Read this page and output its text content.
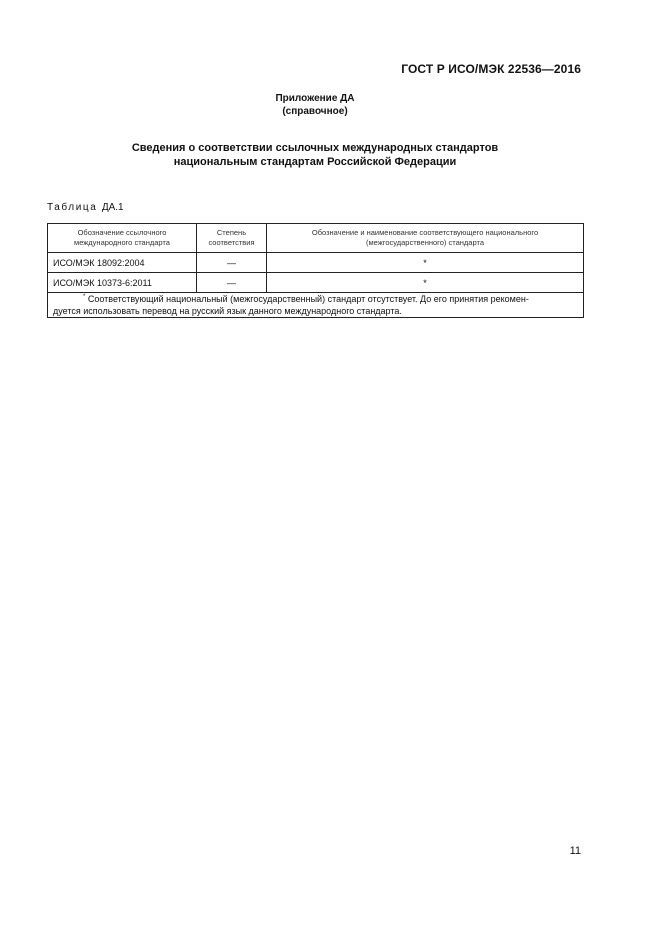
ГОСТ Р ИСО/МЭК 22536—2016
Приложение ДА
(справочное)
Сведения о соответствии ссылочных международных стандартов
национальным стандартам Российской Федерации
Таблица ДА.1
Обозначение ссылочного международного стандарта	Степень соответствия	Обозначение и наименование соответствующего национального (межгосударственного) стандарта
ИСО/МЭК 18092:2004	—	*
ИСО/МЭК 10373-6:2011	—	*

* Соответствующий национальный (межгосударственный) стандарт отсутствует. До его принятия рекомен-
дуется использовать перевод на русский язык данного международного стандарта.		
11
